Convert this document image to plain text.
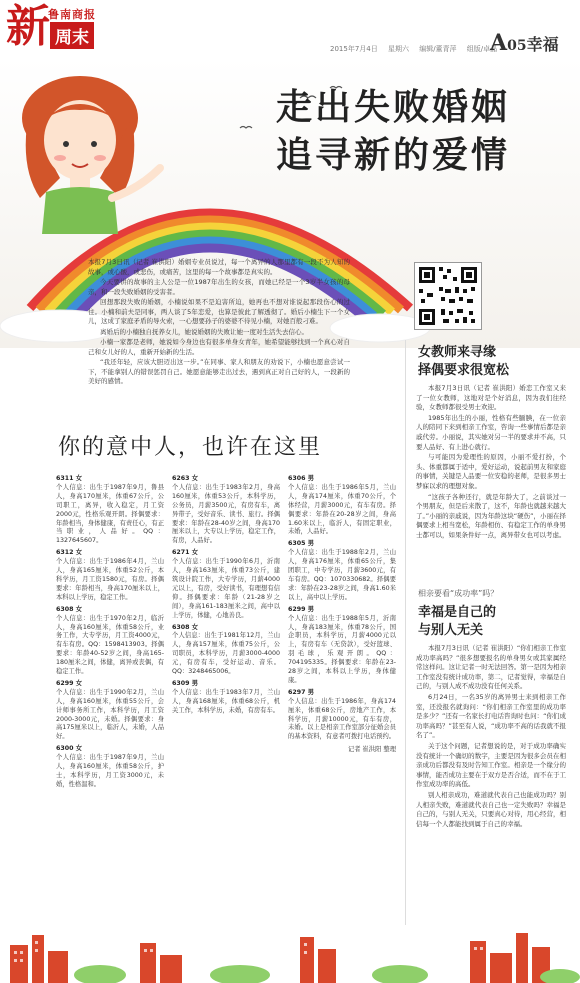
新
鲁南商报
周末
2015年7月4日 星期六 编辑/董青萍 组版/卓晶
A05幸福
走出失败婚姻
追寻新的爱情

本报7月3日讯（记者 崔洪阳）婚姻专业员说过，每一个离异的人那里都有一段不为人知的故事，或心酸，或悲伤，或痛苦，这里的每一个故事都是真实的。

今天要讲的故事的主人公是一位1987年出生的女孩，而她已经是一个3岁半女孩的母亲，和一段失败婚姻的受害者。

回想那段失败的婚姻，小楠说如果不是迫害所迫，她再也不想对谁说起那段伤心的过往。小楠和前夫是同事，两人谈了5年恋爱，也算是彼此了解透彻了。婚后小楠生下一个女儿，这成了家庭矛盾的导火索，一心想要孙子的婆婆不待见小楠，对她百般刁难。

离婚后的小楠独自抚养女儿，她说婚姻的失败让她一度对生活失去信心。

小楠一家都是老师，她说如今身边也有很多单身女青年，她希望能够找到一个真心对自己和女儿好的人，重新开始新的生活。

“我还年轻，应该大胆迈出这一步。”在同事、家人和朋友的劝说下，小楠也愿意尝试一下，不能拿别人的错误惩罚自己。她愿意能够走出过去，遇到真正对自己好的人，一段新的美好的感情。

女教师来寻缘
择偶要求很宽松

本报7月3日讯（记者 崔洪阳）婚恋工作室又来了一位女教师，这地对是个好消息，因为我们往经验，女教师都很受男士欢迎。

1985年出生的小丽，性格有些腼腆，在一位亲人的陪同下来到相亲工作室，咨询一些事情后都是亲戚代劳。小丽说，其实她对另一半的要求并不高，只要人品好、有上进心就行。

与可能因为爱理性的原因，小丽不爱打扮，个头、体重都属于适中，爱好运动，说起前男友和家庭的事情，关键是人品要一位安稳的老师，是很多男士梦寐以求的理想对象。

“这孩子各种还行，就是年龄大了，之前谈过一个男朋友，但是后来散了，这不，年龄也就越来越大了。”小丽的亲戚说，因为年龄这块“硬伤”，小丽在择偶要求上相当宽松，年龄相仿、有稳定工作的单身男士都可以，如果条件好一点，离异带女也可以考虑。

相亲要看“成功率”吗？
幸福是自己的
与别人无关

本报7月3日讯（记者 崔洪阳）“你们相亲工作室成功率高吗？”很多想要报名的单身男女或其家属经常这样问。这让记者一时无法回答。第一是因为相亲工作室没有统计成功率，第二，记者觉得，幸福是自己的，与别人成不成功没有任何关系。

6月24日，一名35岁的离异男士来到相亲工作室，还没报名就询问：“你们相亲工作室里的成功率是多少？”还有一名家长打电话咨询时也问：“你们成功率高吗？”甚至有人说，“成功率不高的话我就不报名了”。

关于这个问题，记者想说的是，对于成功率确实没有统计一个确切的数字，主要是因为很多会员在相亲成功后都没有及时告知工作室。相亲是一个缘分的事情，能否成功主要在于双方是否合适，而不在于工作室成功率的高低。

别人相亲成功，难道就代表自己也能成功吗？别人相亲失败，难道就代表自己也一定失败吗？幸福是自己的，与别人无关，只要真心对待，用心经营，相信每一个人都能找到属于自己的幸福。

你的意中人，也许在这里
6311 女

个人信息：出生于1987年9月，鲁县人，身高170厘米，体重67公斤，公司职工，离异，收入稳定，月工资2000元，性格乐观开朗。择偶要求：年龄相当，身体健康，有责任心，有正当职业，人品好。QQ：1327645607。

6312 女

个人信息：出生于1986年4月，兰山人，身高165厘米，体重52公斤，本科学历，月工资1580元，有房。择偶要求：年龄相当，身高170厘米以上，本科以上学历，稳定工作。

6308 女

个人信息：出生于1970年2月，临沂人，身高160厘米，体重58公斤，业务工作，大专学历，月工资4000元，有车有房。QQ：1598413903。择偶要求：年龄40-52岁之间，身高165-180厘米之间，体健，离异或丧偶，有稳定工作。

6299 女

个人信息：出生于1990年2月，兰山人，身高160厘米，体重55公斤，会计师事务所工作，本科学历，月工资2000-3000元，未婚。择偶要求：身高175厘米以上，临沂人，未婚，人品好。

6300 女

个人信息：出生于1987年9月，兰山人，身高160厘米，体重58公斤，护士，本科学历，月工资3000元，未婚，性格温和。

6263 女

个人信息：出生于1983年2月，身高160厘米，体重53公斤，本科学历，公务员，月薪3500元，有房有车，离异带子，受好音乐、读书、旅行。择偶要求：年龄在28-40岁之间，身高170厘米以上，大专以上学历，稳定工作，有房，人品好。

6271 女

个人信息：出生于1990年6月，沂南人，身高163厘米，体重73公斤，建筑设计院工作，大专学历，月薪4000元以上，有房，受好读书，有理想有信仰。择偶要求：年龄（21-28岁之间），身高161-183厘米之间，高中以上学历，体健，心地善良。

6308 女

个人信息：出生于1981年12月，兰山人，身高157厘米，体重75公斤，公司职员，本科学历，月薪3000-4000元，有房有车，受好运动、音乐。QQ：3248465006。

6309 男

个人信息：出生于1983年7月，兰山人，身高168厘米，体重68公斤，机关工作，本科学历，未婚，有房有车。

6306 男

个人信息：出生于1986年5月，兰山人，身高174厘米，体重70公斤，个体经营，月薪3000元，有车有房。择偶要求：年龄在20-28岁之间，身高1.60米以上，临沂人，有固定职业，未婚，人品好。

6305 男

个人信息：出生于1988年2月，兰山人，身高176厘米，体重65公斤，集团职工，中专学历，月薪3600元，有车有房。QQ：1070330682。择偶要求：年龄在23-28岁之间，身高1.60米以上，高中以上学历。

6299 男

个人信息：出生于1988年5月，沂南人，身高183厘米，体重78公斤，国企职员，本科学历，月薪4000元以上，有房有车（无贷款），受好篮球、羽毛球，乐观开朗。QQ：704195335。择偶要求：年龄在23-28岁之间，本科以上学历，身体健康。

6297 男

个人信息：出生于1986年，身高174厘米，体重68公斤，房地产工作，本科学历，月薪10000元，有车有房，未婚。以上是相亲工作室部分征婚会员的基本资料，有意者可拨打电话预约。

记者 崔洪阳 整理
